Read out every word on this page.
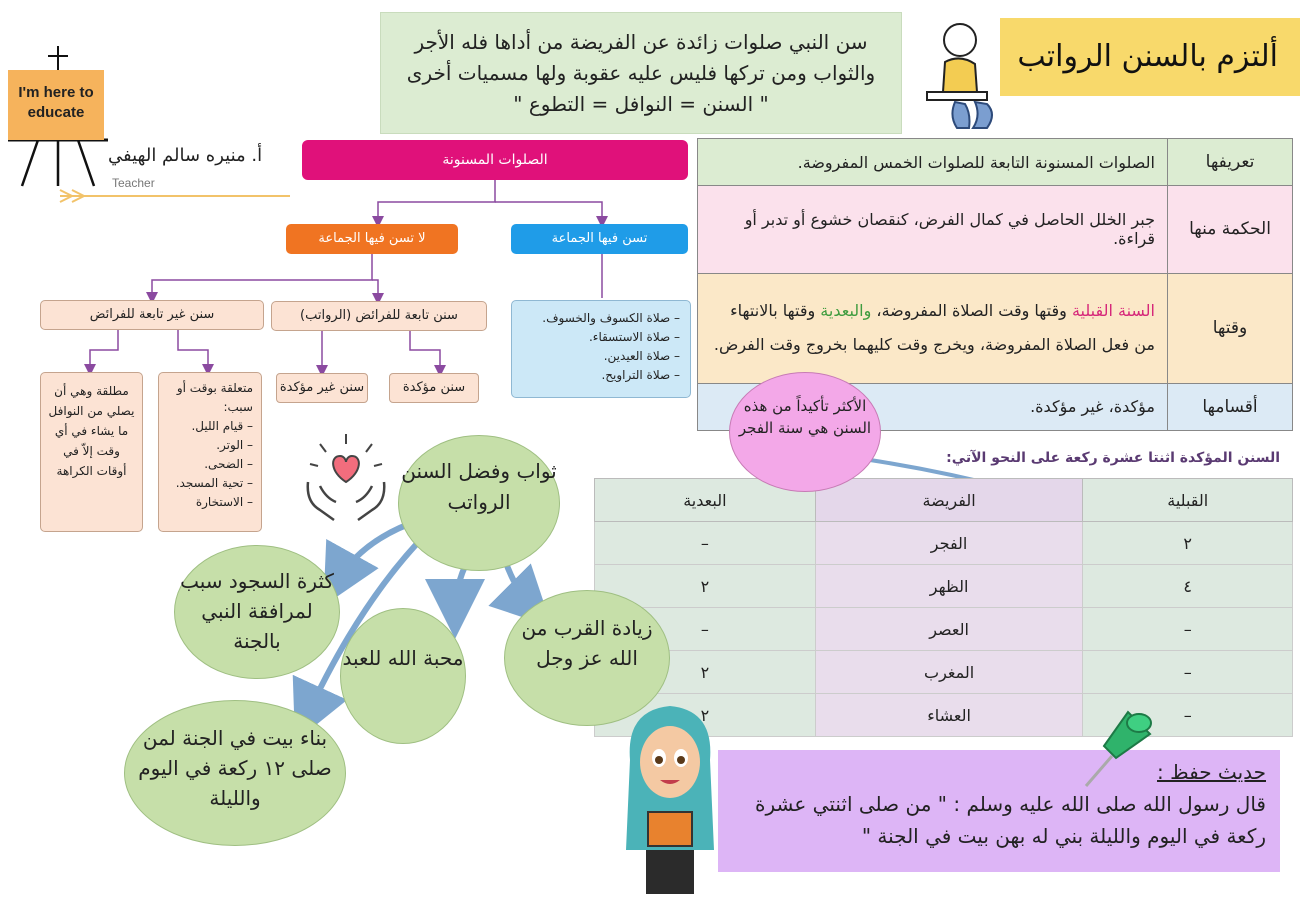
ألتزم بالسنن الرواتب
سن النبي صلوات زائدة عن الفريضة من أداها فله الأجر والثواب ومن تركها فليس عليه عقوبة ولها مسميات أخرى " السنن = النوافل = التطوع "
I'm here to educate
أ. منيره سالم الهيفي
Teacher
الصلوات المسنونة
لا تسن فيها الجماعة	تسن فيها الجماعة
سنن تابعة للفرائض (الرواتب)
سنن غير تابعة للفرائض	– صلاة الكسوف والخسوف.
– صلاة الاستسقاء.
– صلاة العيدين.
– صلاة التراويح.
سنن مؤكدة
سنن غير مؤكدة
متعلقة بوقت أو سبب:
– قيام الليل.
– الوتر.
– الضحى.
– تحية المسجد.
– الاستخارة
مطلقة وهي أن يصلي من النوافل ما يشاء في أي وقت إلاّ في أوقات الكراهة
تعريفها	الصلوات المسنونة التابعة للصلوات الخمس المفروضة.
الحكمة منها	جبر الخلل الحاصل في كمال الفرض، كنقصان خشوع أو تدبر أو قراءة.
وقتها	السنة القبلية وقتها وقت الصلاة المفروضة، والبعدية وقتها بالانتهاء من فعل الصلاة المفروضة، ويخرج وقت كليهما بخروج وقت الفرض.
أقسامها	مؤكدة، غير مؤكدة.
السنن المؤكدة اثنتا عشرة ركعة على النحو الآتي:
القبلية	الفريضة	البعدية
٢	الفجر	–
٤	الظهر	٢
–	العصر	–
–	المغرب	٢
–	العشاء	٢
الأكثر تأكيداً من هذه السنن هي سنة الفجر
ثواب وفضل السنن الرواتب
كثرة السجود سبب لمرافقة النبي بالجنة
محبة الله للعبد
زيادة القرب من الله عز وجل
بناء بيت في الجنة لمن صلى ١٢ ركعة في اليوم والليلة
حديث حفظ :
قال رسول الله صلى الله عليه وسلم : " من صلى اثنتي عشرة ركعة في اليوم والليلة بني له بهن بيت في الجنة "
